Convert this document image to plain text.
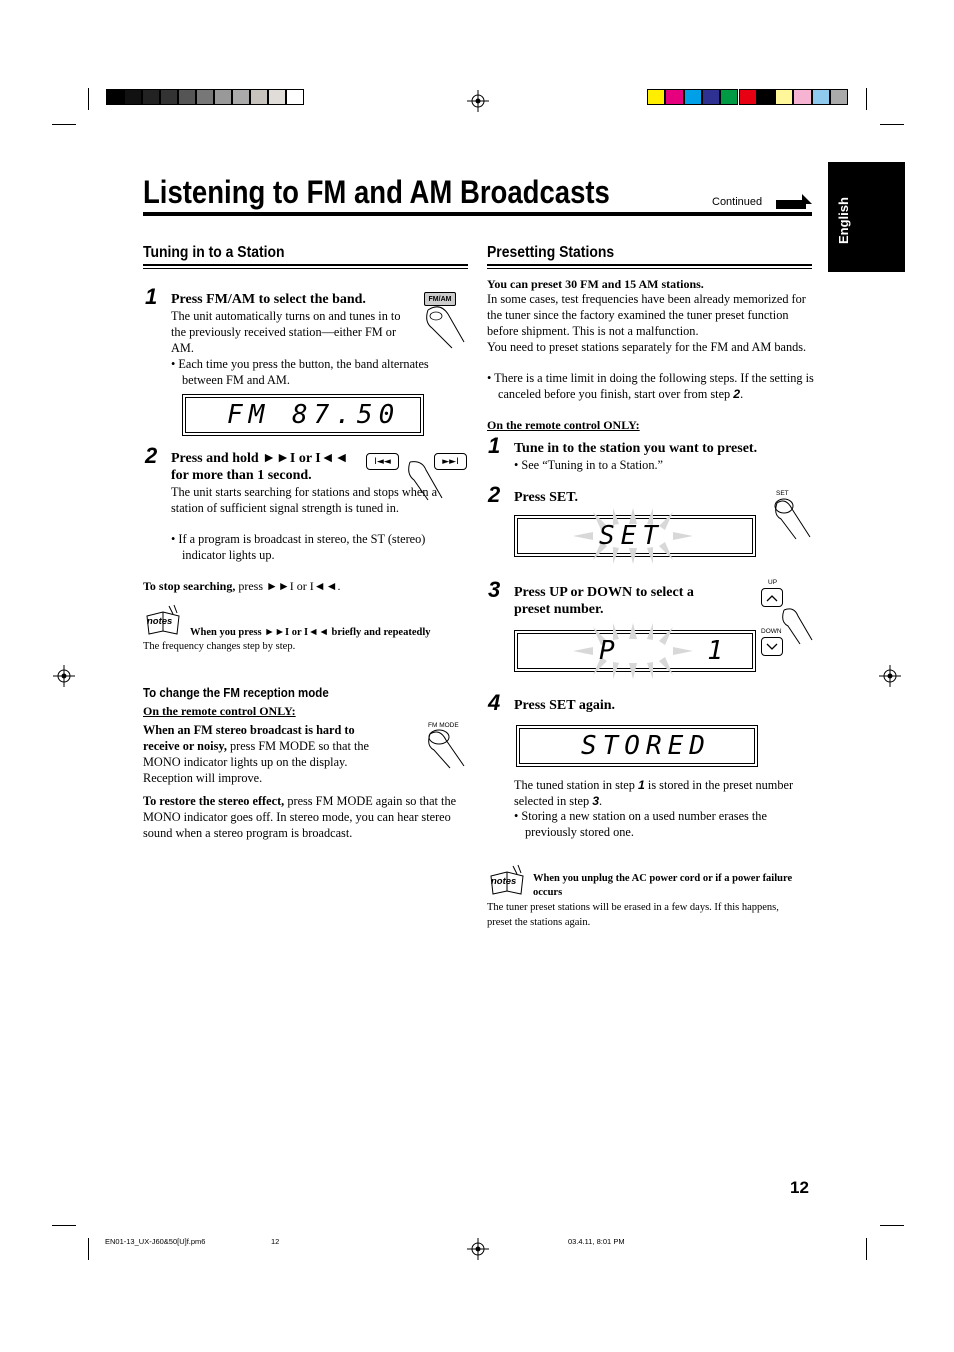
Listening to FM and AM Broadcasts	Continued	English
Tuning in to a Station
1 Press FM/AM to select the band.
The unit automatically turns on and tunes in to the previously received station—either FM or AM.
• Each time you press the button, the band alternates between FM and AM.
FM/AM
FM 87.50
2 Press and hold ►►I or I◄◄
for more than 1 second.
I◄◄	►►I
The unit starts searching for stations and stops when a station of sufficient signal strength is tuned in.
• If a program is broadcast in stereo, the ST (stereo) indicator lights up.
To stop searching, press ►►I or I◄◄.
notes
When you press ►►I or I◄◄ briefly and repeatedly
The frequency changes step by step.
To change the FM reception mode
On the remote control ONLY:
FM MODE
When an FM stereo broadcast is hard to receive or noisy, press FM MODE so that the MONO indicator lights up on the display. Reception will improve.
To restore the stereo effect, press FM MODE again so that the MONO indicator goes off. In stereo mode, you can hear stereo sound when a stereo program is broadcast.
Presetting Stations
You can preset 30 FM and 15 AM stations.
In some cases, test frequencies have been already memorized for the tuner since the factory examined the tuner preset function before shipment. This is not a malfunction.
You need to preset stations separately for the FM and AM bands.
• There is a time limit in doing the following steps. If the setting is canceled before you finish, start over from step 2.
On the remote control ONLY:
1 Tune in to the station you want to preset.
• See “Tuning in to a Station.”
2 Press SET.	SET
SET
3 Press UP or DOWN to select a preset number.
UP
DOWN
P    1
4 Press SET again.
STORED
The tuned station in step 1 is stored in the preset number selected in step 3.
• Storing a new station on a used number erases the previously stored one.
notes When you unplug the AC power cord or if a power failure occurs
The tuner preset stations will be erased in a few days. If this happens, preset the stations again.
12
EN01-13_UX-J60&50[U]f.pm6	12	03.4.11, 8:01 PM
